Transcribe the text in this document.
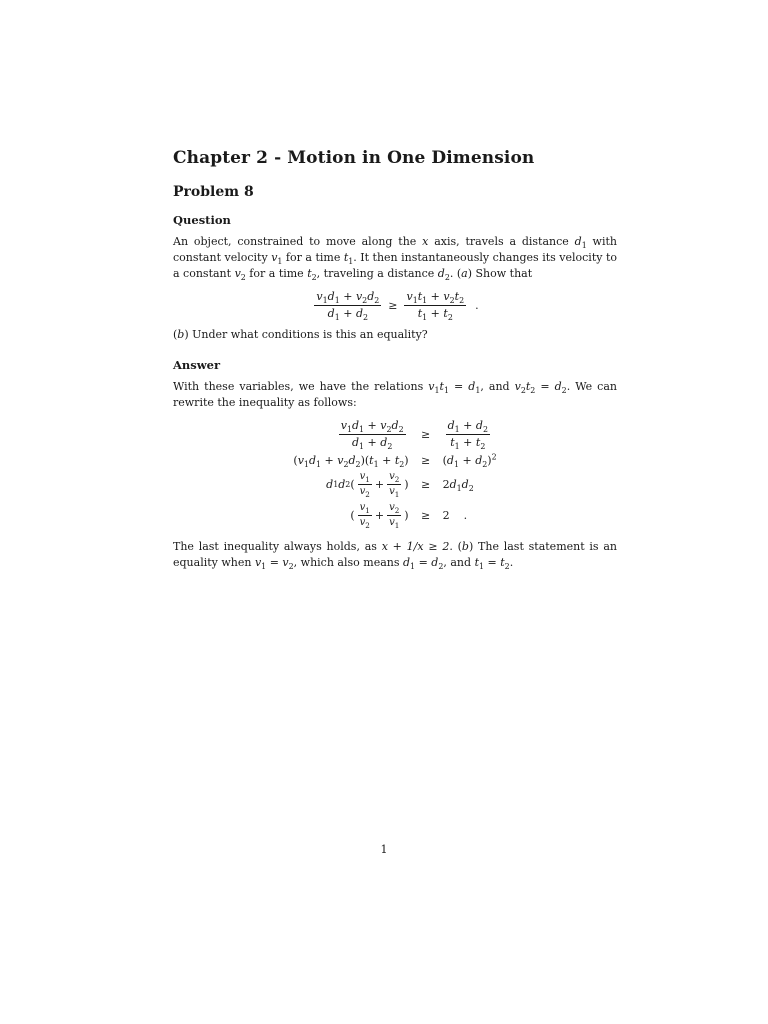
Chapter 2 - Motion in One Dimension
Problem 8
Question

An object, constrained to move along the x axis, travels a distance $d_1$ with constant velocity $v_1$ for a time $t_1$. It then instantaneously changes its velocity to a constant $v_2$ for a time $t_2$, traveling a distance $d_2$. (a) Show that

$\frac{v_1d_1 + v_2d_2}{d_1 + d_2} \ge \frac{v_1t_1 + v_2t_2}{t_1 + t_2}$ .

(b) Under what conditions is this an equality?

Answer

With these variables, we have the relations $v_1t_1 = d_1$, and $v_2t_2 = d_2$. We can rewrite the inequality as follows:

$\frac{v_1d_1 + v_2d_2}{d_1 + d_2}$	≥	$\frac{d_1 + d_2}{t_1 + t_2}$
$(v_1d_1 + v_2d_2)(t_1 + t_2)$	≥	$(d_1 + d_2)^2$
d 1 d 2 ( $\frac{v_1}{v_2} + \frac{v_2}{v_1}$ )	≥	$2d_1d_2$
( $\frac{v_1}{v_2} + \frac{v_2}{v_1}$ )	≥	2    .

The last inequality always holds, as x + 1/x ≥ 2. (b) The last statement is an equality when $v_1 = v_2$, which also means $d_1 = d_2$, and $t_1 = t_2$.

1
